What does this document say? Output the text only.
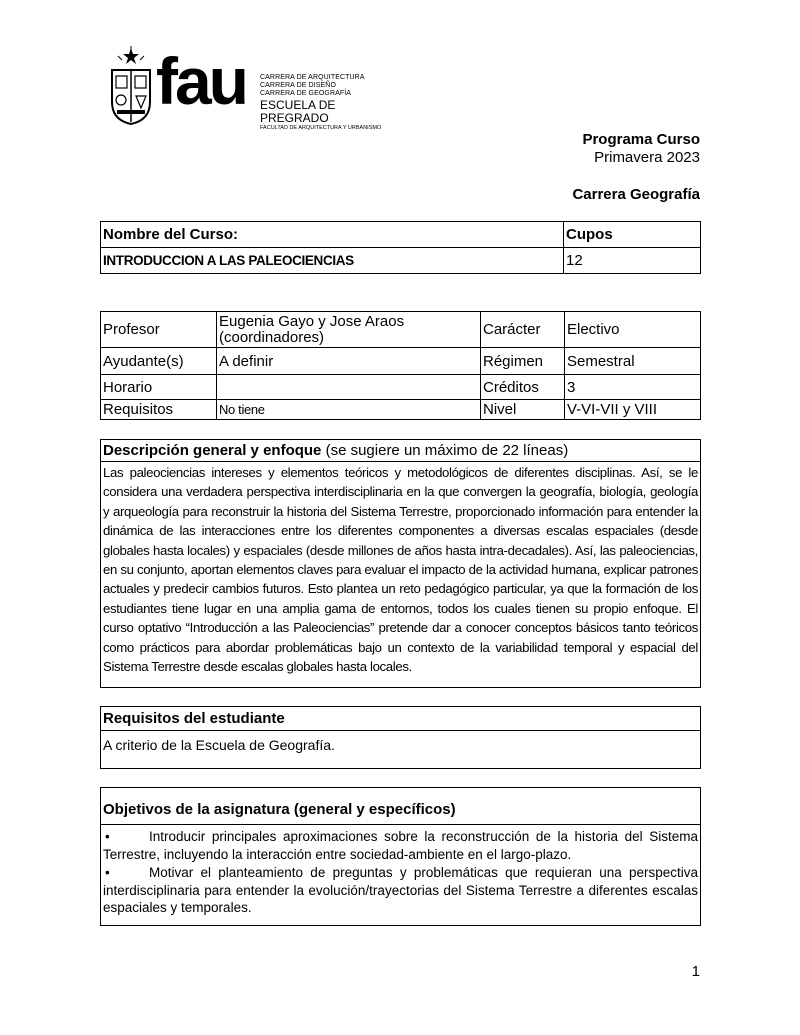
fau CARRERA DE ARQUITECTURA
CARRERA DE DISEÑO
CARRERA DE GEOGRAFÍA
ESCUELA DE PREGRADO
FACULTAD DE ARQUITECTURA Y URBANISMO
Programa Curso
Primavera 2023
Carrera Geografía
Nombre del Curso:	Cupos
INTRODUCCION A LAS PALEOCIENCIAS	12
Profesor	Eugenia Gayo y Jose Araos (coordinadores)	Carácter	Electivo
Ayudante(s)	A definir	Régimen	Semestral
Horario		Créditos	3
Requisitos	No tiene	Nivel	V-VI-VII y VIII
Descripción general y enfoque (se sugiere un máximo de 22 líneas)
Las paleociencias intereses y elementos teóricos y metodológicos de diferentes disciplinas. Así, se le considera una verdadera perspectiva interdisciplinaria en la que convergen la geografía, biología, geología y arqueología para reconstruir la historia del Sistema Terrestre, proporcionado información para entender la dinámica de las interacciones entre los diferentes componentes a diversas escalas espaciales (desde globales hasta locales) y espaciales (desde millones de años hasta intra-decadales). Así, las paleociencias, en su conjunto, aportan elementos claves para evaluar el impacto de la actividad humana, explicar patrones actuales y predecir cambios futuros. Esto plantea un reto pedagógico particular, ya que la formación de los estudiantes tiene lugar en una amplia gama de entornos, todos los cuales tienen su propio enfoque. El curso optativo “Introducción a las Paleociencias” pretende dar a conocer conceptos básicos tanto teóricos como prácticos para abordar problemáticas bajo un contexto de la variabilidad temporal y espacial del Sistema Terrestre desde escalas globales hasta locales.
Requisitos del estudiante
A criterio de la Escuela de Geografía.
Objetivos de la asignatura (general y específicos)
•	Introducir principales aproximaciones sobre la reconstrucción de la historia del Sistema Terrestre, incluyendo la interacción entre sociedad-ambiente en el largo-plazo.
•	Motivar el planteamiento de preguntas y problemáticas que requieran una perspectiva interdisciplinaria para entender la evolución/trayectorias del Sistema Terrestre a diferentes escalas espaciales y temporales.
1
